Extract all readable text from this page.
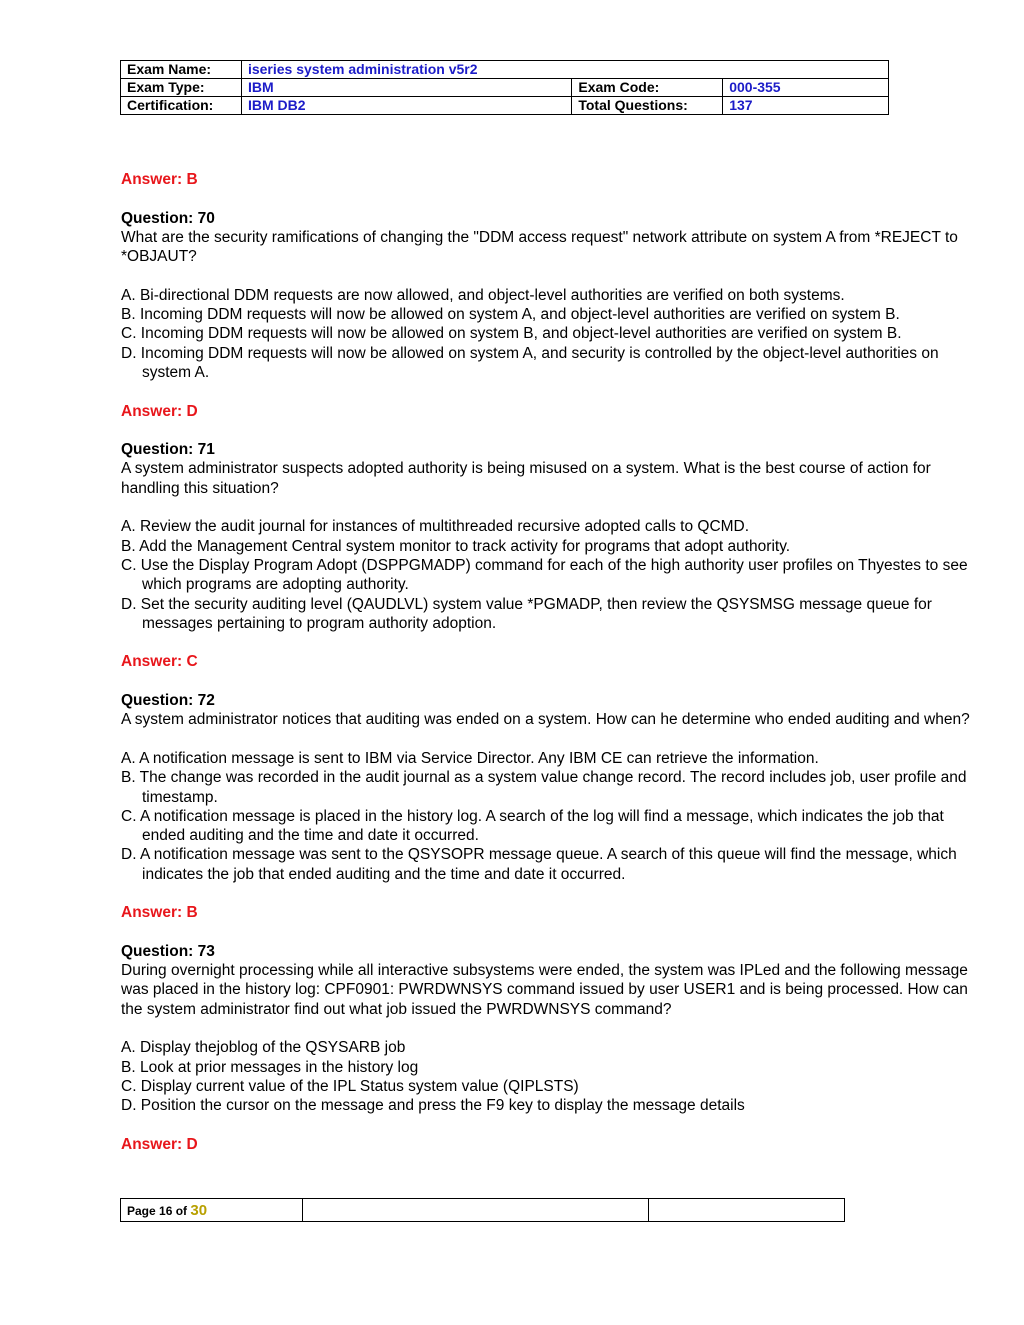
Exam Name:	iseries system administration v5r2		
Exam Type:	IBM	Exam Code:	000-355
Certification:	IBM DB2	Total Questions:	137

Answer: B

Question: 70

What are the security ramifications of changing the "DDM access request" network attribute on system A from *REJECT to *OBJAUT?

A. Bi-directional DDM requests are now allowed, and object-level authorities are verified on both systems.
B. Incoming DDM requests will now be allowed on system A, and object-level authorities are verified on system B.
C. Incoming DDM requests will now be allowed on system B, and object-level authorities are verified on system B.
D. Incoming DDM requests will now be allowed on system A, and security is controlled by the object-level authorities on system A.

Answer: D

Question: 71

A system administrator suspects adopted authority is being misused on a system. What is the best course of action for handling this situation?

A. Review the audit journal for instances of multithreaded recursive adopted calls to QCMD.
B. Add the Management Central system monitor to track activity for programs that adopt authority.
C. Use the Display Program Adopt (DSPPGMADP) command for each of the high authority user profiles on Thyestes to see which programs are adopting authority.
D. Set the security auditing level (QAUDLVL) system value *PGMADP, then review the QSYSMSG message queue for messages pertaining to program authority adoption.

Answer: C

Question: 72

A system administrator notices that auditing was ended on a system. How can he determine who ended auditing and when?

A. A notification message is sent to IBM via Service Director. Any IBM CE can retrieve the information.
B. The change was recorded in the audit journal as a system value change record. The record includes job, user profile and timestamp.
C. A notification message is placed in the history log. A search of the log will find a message, which indicates the job that ended auditing and the time and date it occurred.
D. A notification message was sent to the QSYSOPR message queue. A search of this queue will find the message, which indicates the job that ended auditing and the time and date it occurred.

Answer: B

Question: 73

During overnight processing while all interactive subsystems were ended, the system was IPLed and the following message was placed in the history log: CPF0901: PWRDWNSYS command issued by user USER1 and is being processed. How can the system administrator find out what job issued the PWRDWNSYS command?

A. Display thejoblog of the QSYSARB job
B. Look at prior messages in the history log
C. Display current value of the IPL Status system value (QIPLSTS)
D. Position the cursor on the message and press the F9 key to display the message details

Answer: D

Page 16 of 30		
